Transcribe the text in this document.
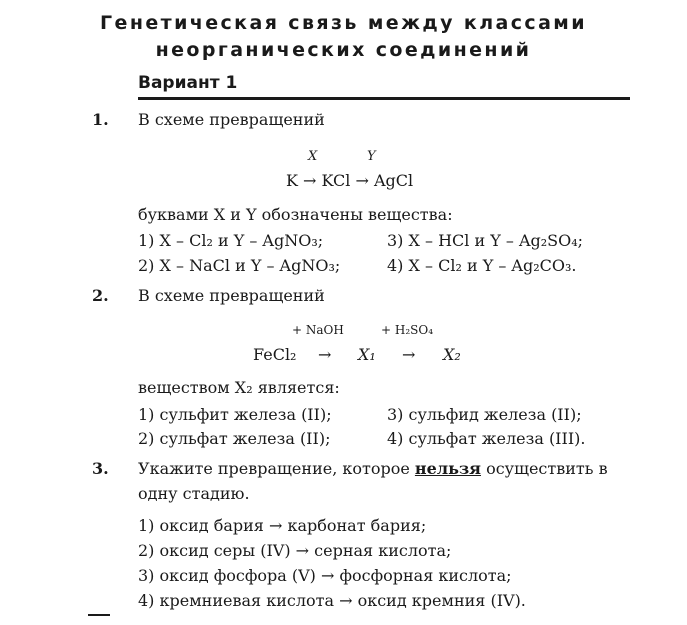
Генетическая связь между классами
неорганических соединений
Вариант 1
1. В схеме превращений
X	Y
K → KCl → AgCl
буквами X и Y обозначены вещества:
1) X – Cl₂ и Y – AgNO₃;
2) X – NaCl и Y – AgNO₃;
3) X – HCl и Y – Ag₂SO₄;
4) X – Cl₂ и Y – Ag₂CO₃.
2. В схеме превращений
+ NaOH	+ H₂SO₄
FeCl₂ → X₁ → X₂
веществом X₂ является:
1) сульфит железа (II);
2) сульфат железа (II);
3) сульфид железа (II);
4) сульфат железа (III).
3. Укажите превращение, которое нельзя осуществить в
одну стадию.
1) оксид бария → карбонат бария;
2) оксид серы (IV) → серная кислота;
3) оксид фосфора (V) → фосфорная кислота;
4) кремниевая кислота → оксид кремния (IV).
